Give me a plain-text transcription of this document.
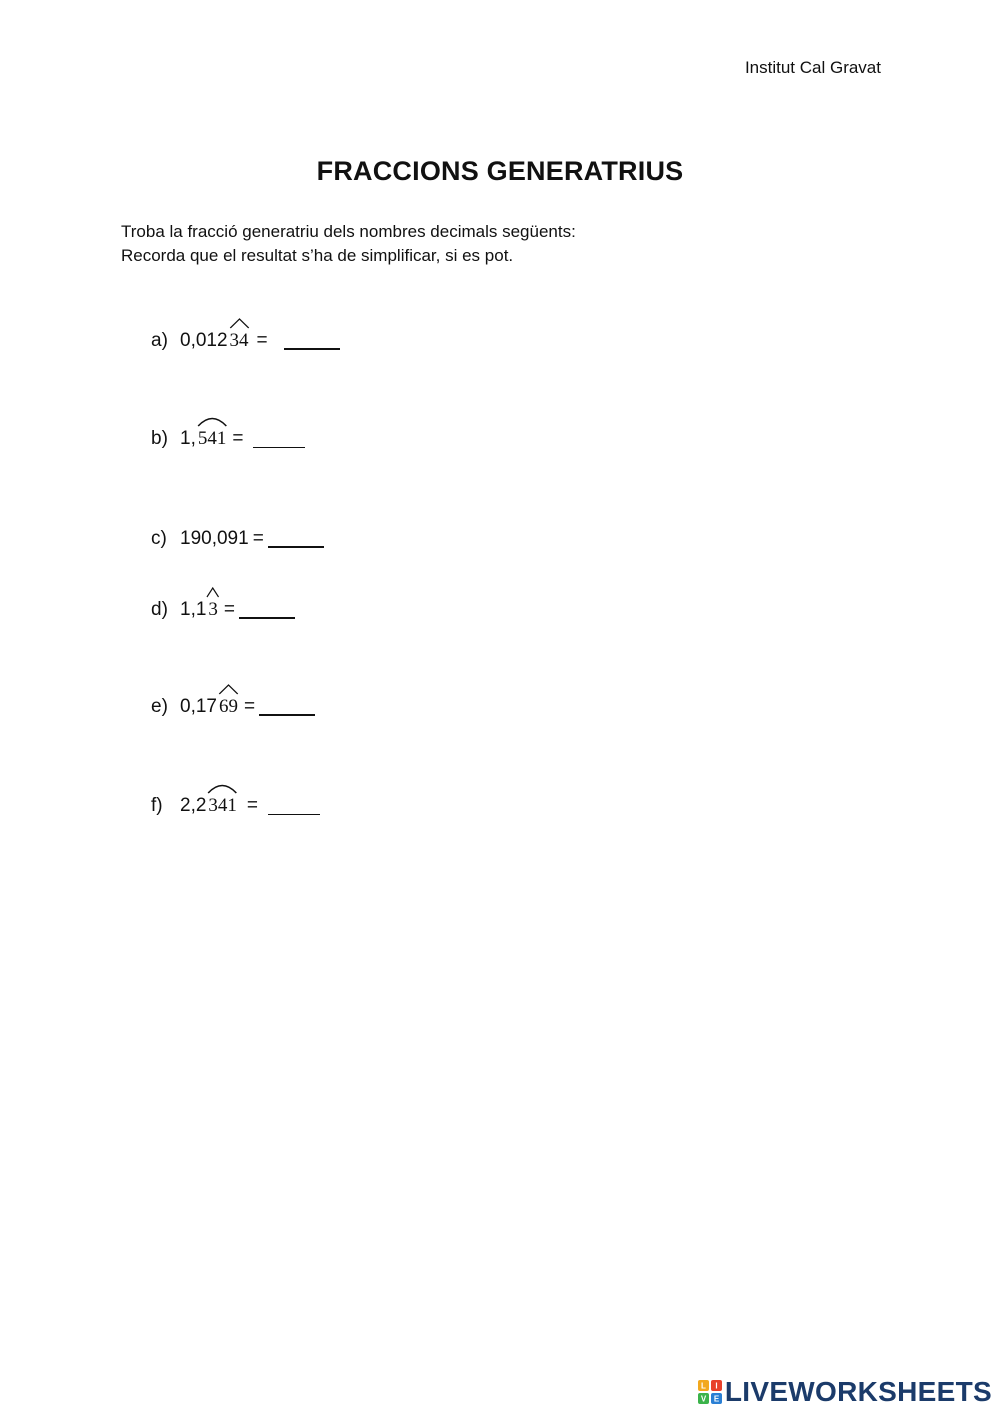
Institut Cal Gravat
FRACCIONS GENERATRIUS
Troba la fracció generatriu dels nombres decimals següents:
Recorda que el resultat s’ha de simplificar, si es pot.
a) 0,012 34 =
b) 1, 541 =
c) 190,091 =
d) 1,1 3 =
e) 0,17 69 =
f) 2,2 341 =
L I
V E LIVEWORKSHEETS
